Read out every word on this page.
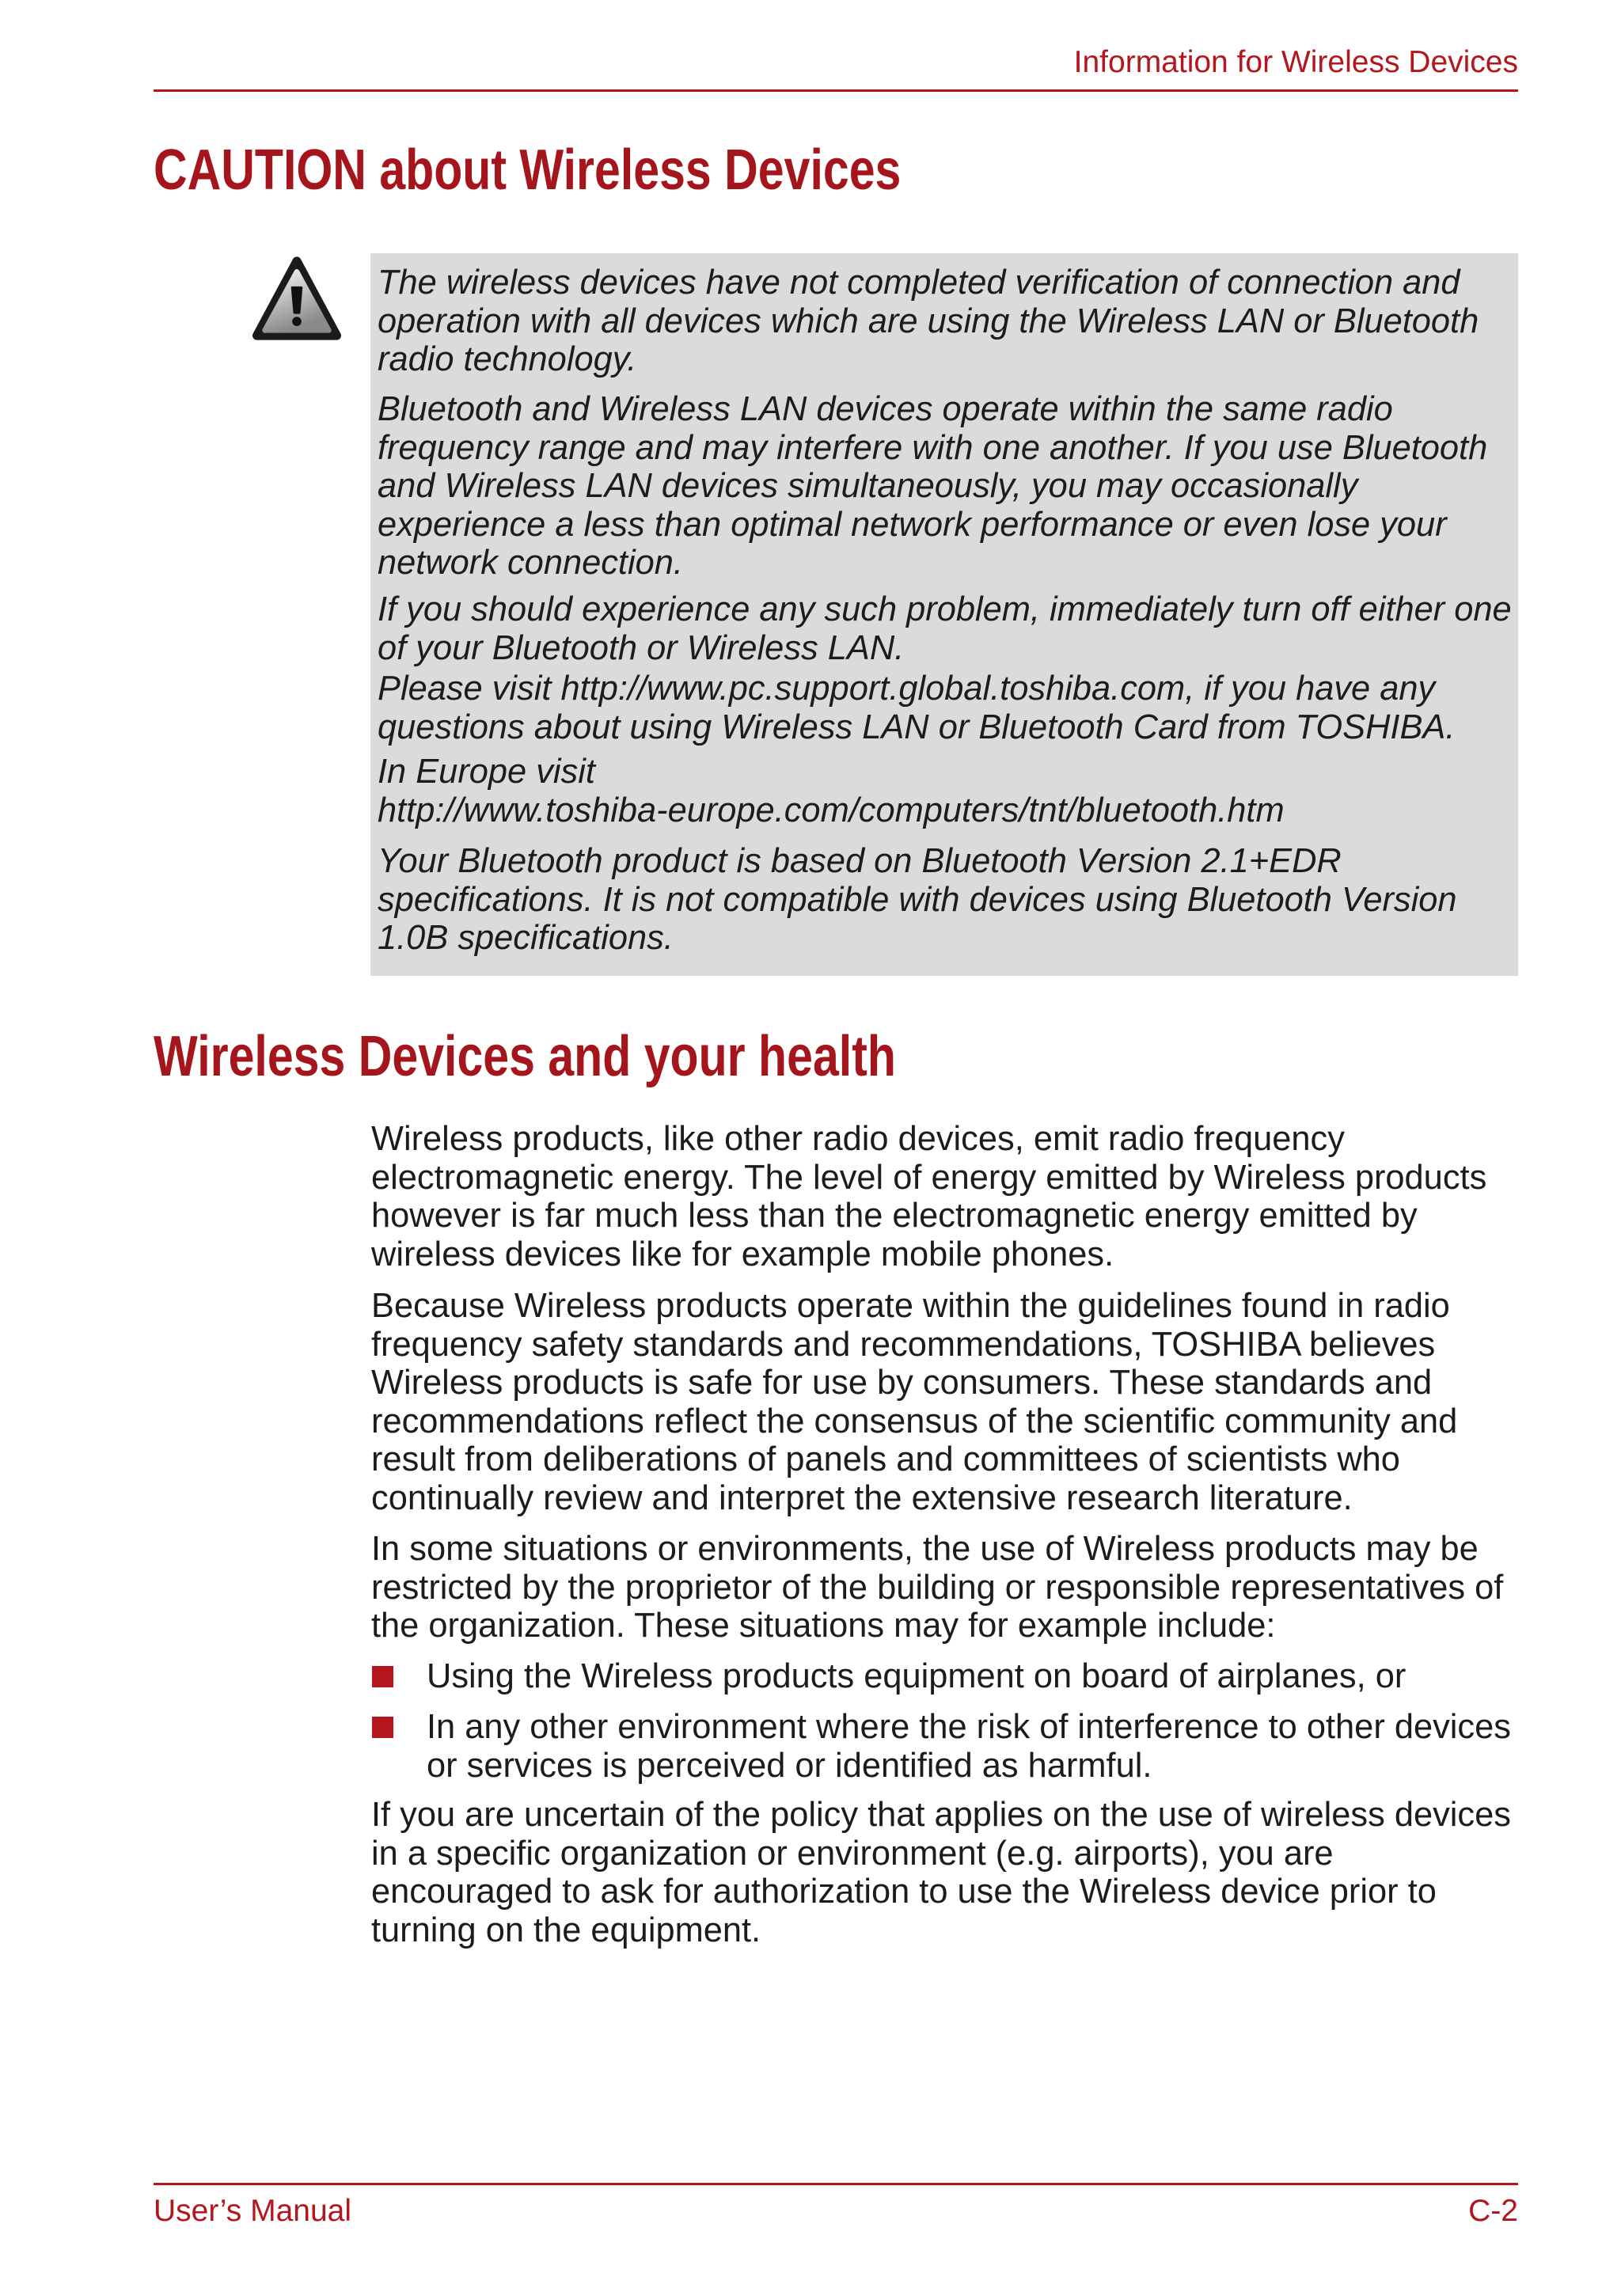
Information for Wireless Devices
CAUTION about Wireless Devices

The wireless devices have not completed verification of connection and
operation with all devices which are using the Wireless LAN or Bluetooth
radio technology.

Bluetooth and Wireless LAN devices operate within the same radio
frequency range and may interfere with one another. If you use Bluetooth
and Wireless LAN devices simultaneously, you may occasionally
experience a less than optimal network performance or even lose your
network connection.

If you should experience any such problem, immediately turn off either one
of your Bluetooth or Wireless LAN.

Please visit http://www.pc.support.global.toshiba.com, if you have any
questions about using Wireless LAN or Bluetooth Card from TOSHIBA.

In Europe visit
http://www.toshiba-europe.com/computers/tnt/bluetooth.htm

Your Bluetooth product is based on Bluetooth Version 2.1+EDR
specifications. It is not compatible with devices using Bluetooth Version
1.0B specifications.

Wireless Devices and your health

Wireless products, like other radio devices, emit radio frequency
electromagnetic energy. The level of energy emitted by Wireless products
however is far much less than the electromagnetic energy emitted by
wireless devices like for example mobile phones.

Because Wireless products operate within the guidelines found in radio
frequency safety standards and recommendations, TOSHIBA believes
Wireless products is safe for use by consumers. These standards and
recommendations reflect the consensus of the scientific community and
result from deliberations of panels and committees of scientists who
continually review and interpret the extensive research literature.

In some situations or environments, the use of Wireless products may be
restricted by the proprietor of the building or responsible representatives of
the organization. These situations may for example include:

Using the Wireless products equipment on board of airplanes, or

In any other environment where the risk of interference to other devices
or services is perceived or identified as harmful.

If you are uncertain of the policy that applies on the use of wireless devices
in a specific organization or environment (e.g. airports), you are
encouraged to ask for authorization to use the Wireless device prior to
turning on the equipment.

User’s Manual	C-2
